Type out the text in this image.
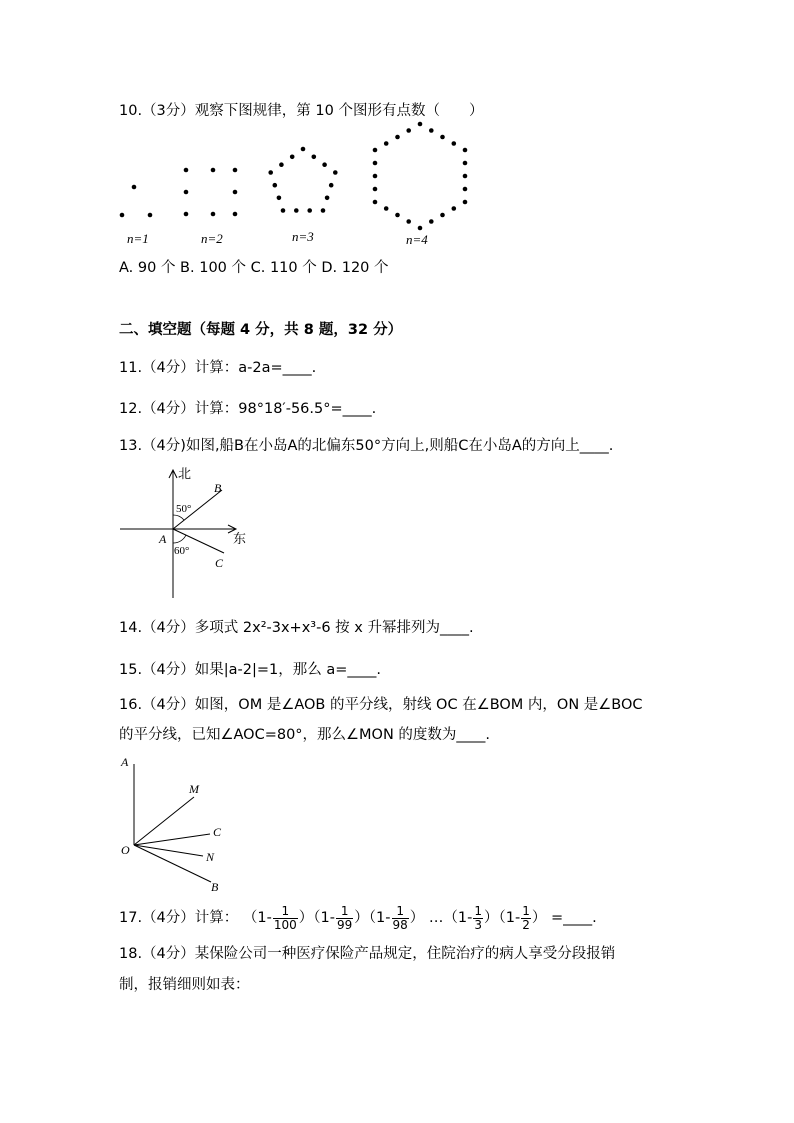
10.（3分）观察下图规律，第 10 个图形有点数（　　）
n=1	n=2	n=3	n=4
A. 90 个 B. 100 个 C. 110 个 D. 120 个
二、填空题（每题 4 分，共 8 题，32 分）
11.（4分）计算：a-2a=____.
12.（4分）计算：98°18′-56.5°=____.
13.（4分)如图,船B在小岛A的北偏东50°方向上,则船C在小岛A的方向上____.
北
东
B
C
A
50°
60°
14.（4分）多项式 2x²-3x+x³-6 按 x 升幂排列为____.
15.（4分）如果|a-2|=1，那么 a=____.
16.（4分）如图，OM 是∠AOB 的平分线，射线 OC 在∠BOM 内，ON 是∠BOC
的平分线，已知∠AOC=80°，那么∠MON 的度数为____.
A
M
C
O	N
B
17.（4分）计算： $(1- \frac{1}{100} )(1- \frac{1}{99} )(1- \frac{1}{98}$ ） …（1- $\frac{1}{3} )(1- \frac{1}{2}$ ） =____.
18.（4分）某保险公司一种医疗保险产品规定，住院治疗的病人享受分段报销
制，报销细则如表：
